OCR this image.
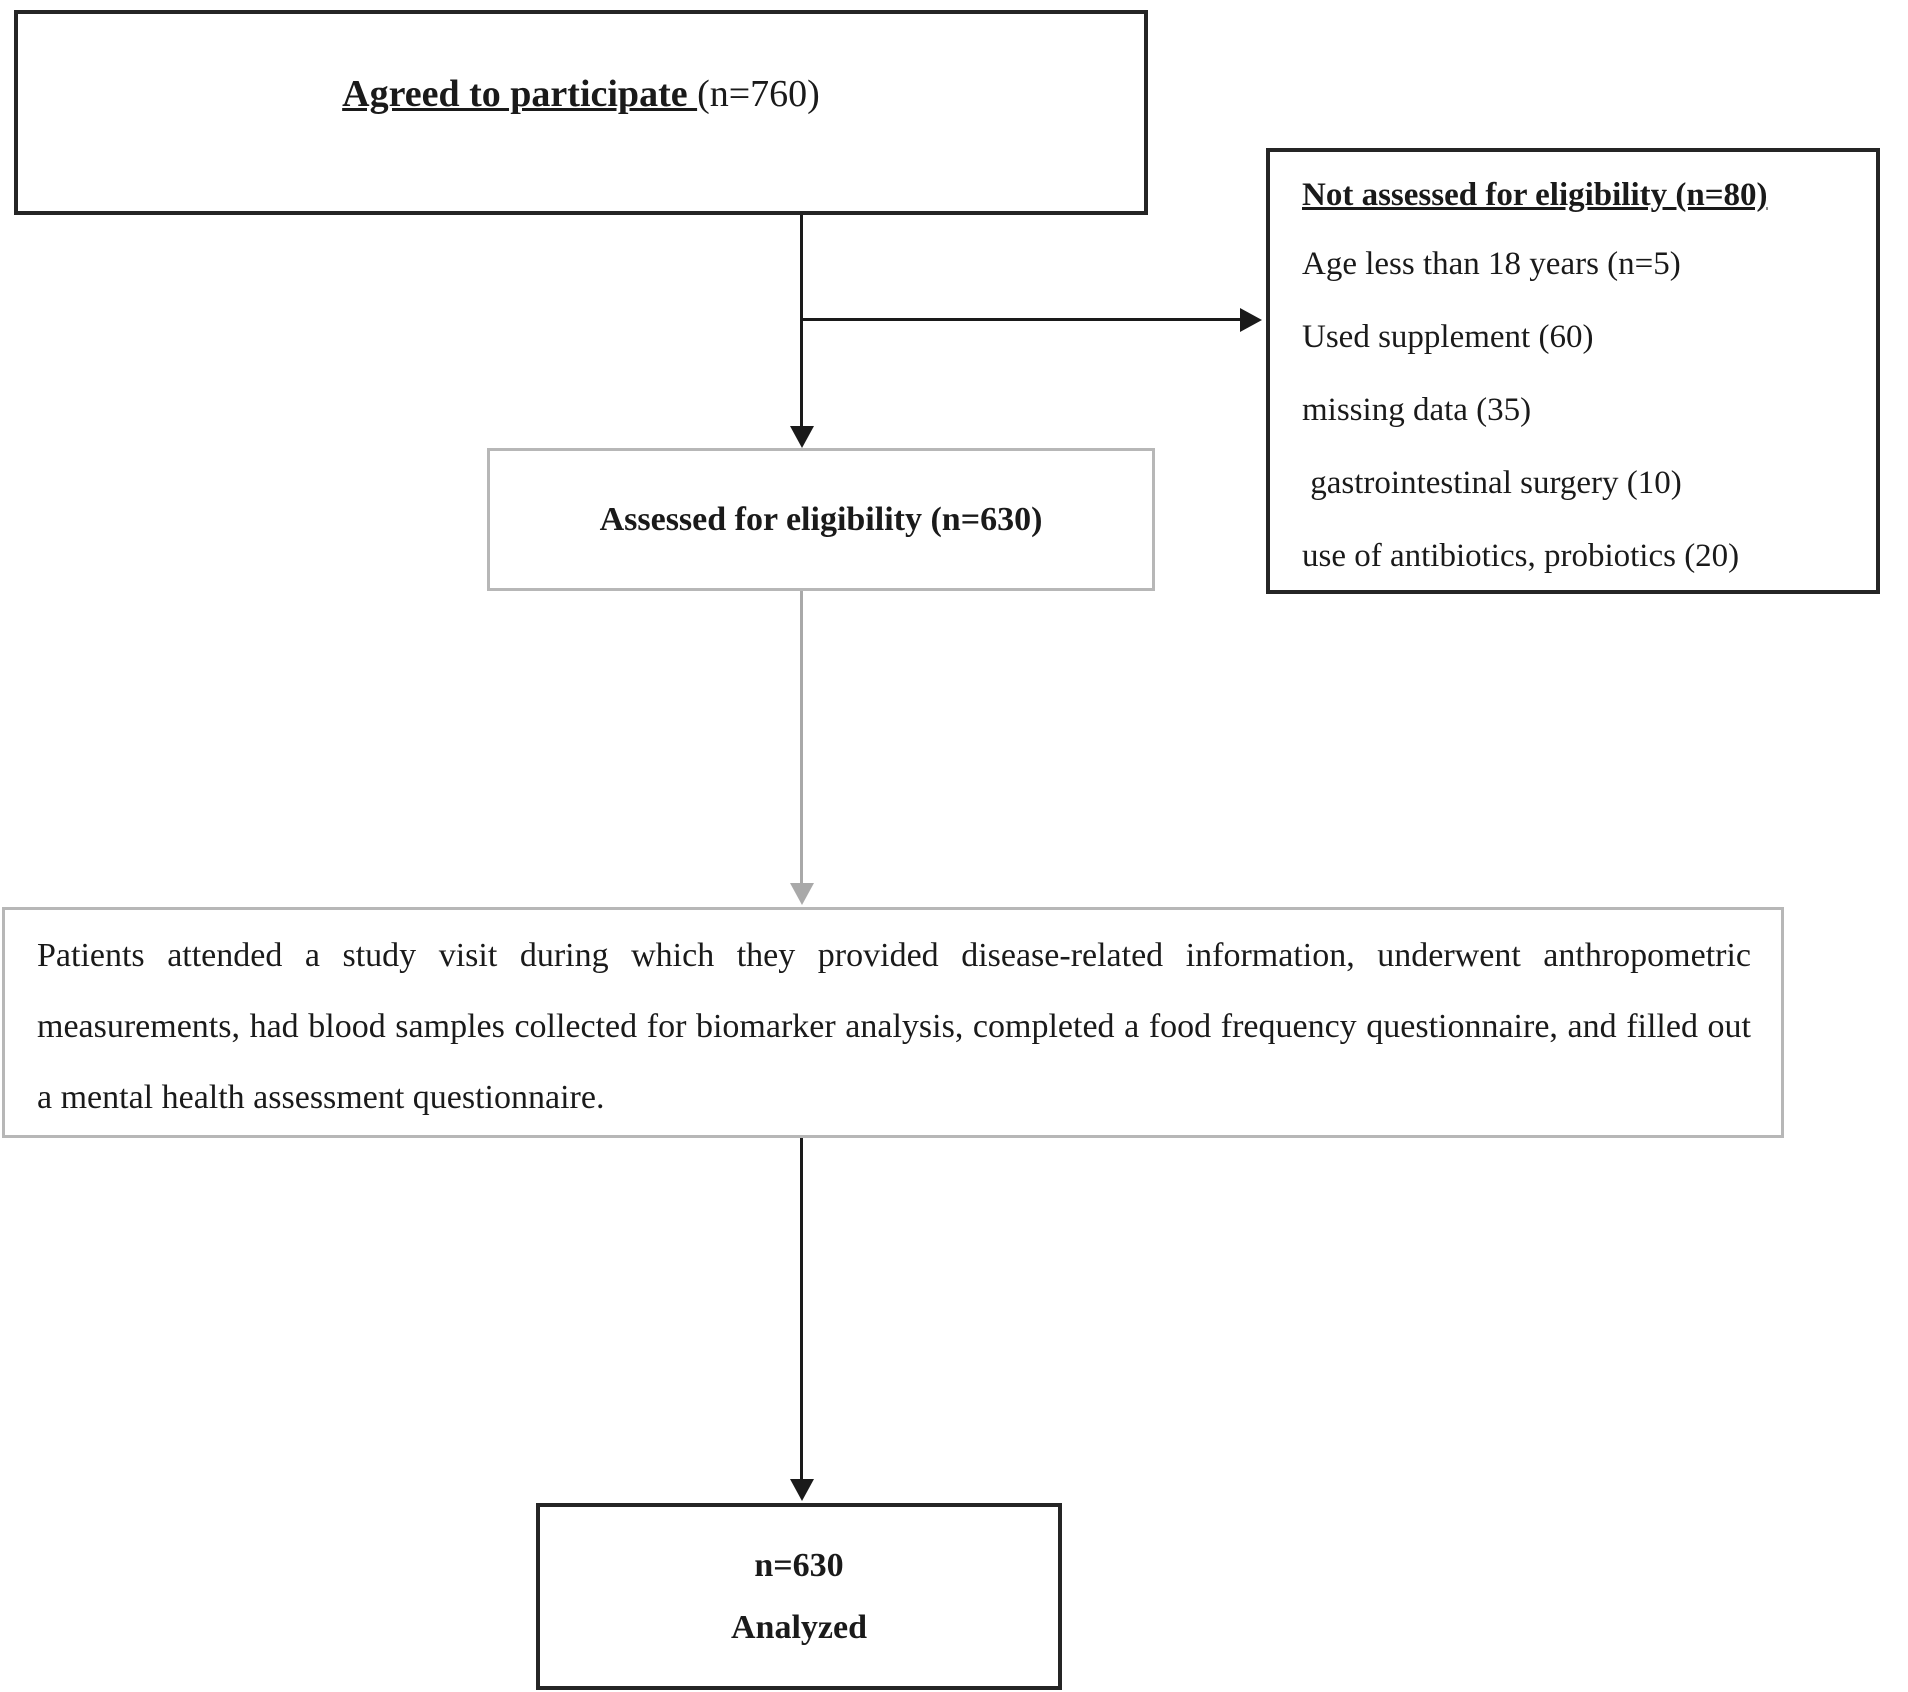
Agreed to participate (n=760)
Not assessed for eligibility (n=80)
Age less than 18 years (n=5)
Used supplement (60)
missing data (35)
gastrointestinal surgery (10)
use of antibiotics, probiotics (20)
Assessed for eligibility (n=630)
Patients attended a study visit during which they provided disease-related information, underwent anthropometric measurements, had blood samples collected for biomarker analysis, completed a food frequency questionnaire, and filled out a mental health assessment questionnaire.
n=630
Analyzed
